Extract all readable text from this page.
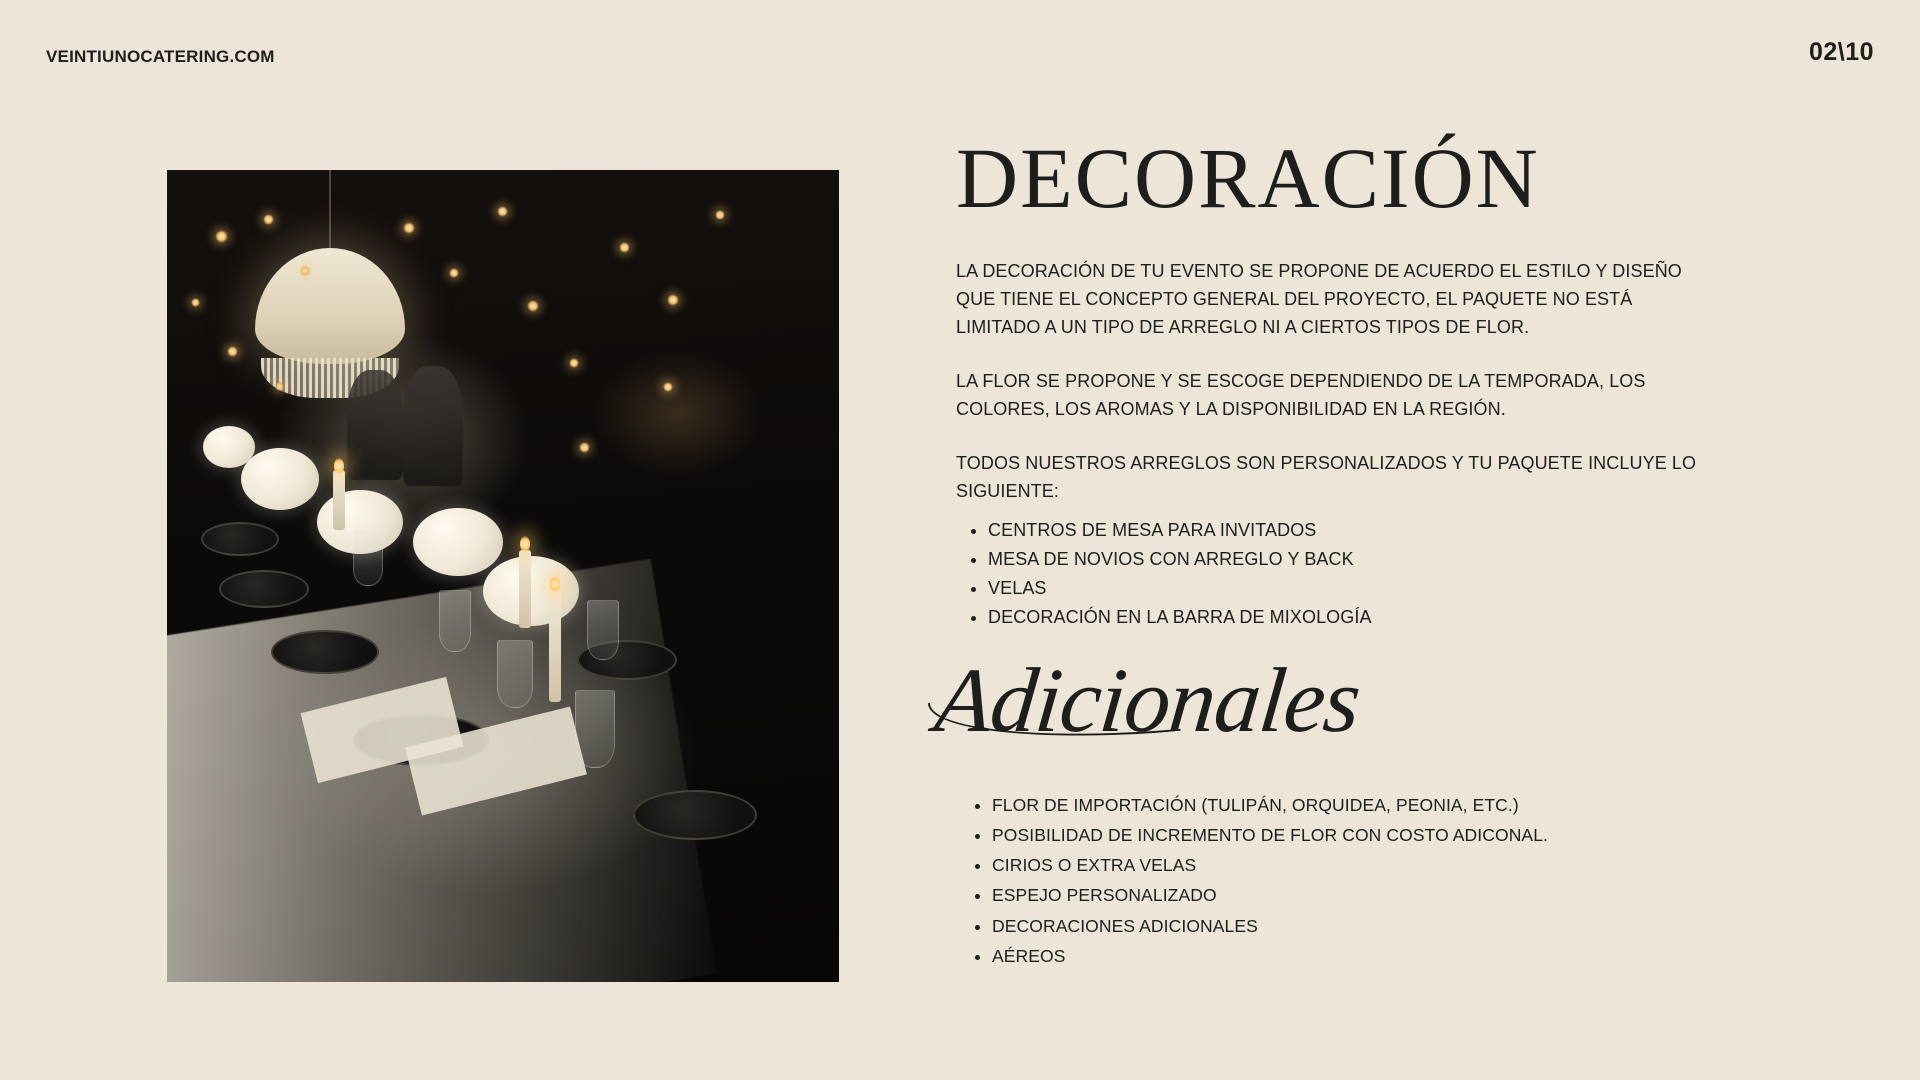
VEINTIUNOCATERING.COM	02\10
DECORACIÓN

LA DECORACIÓN DE TU EVENTO SE PROPONE DE ACUERDO EL ESTILO Y DISEÑO QUE TIENE EL CONCEPTO GENERAL DEL PROYECTO, EL PAQUETE NO ESTÁ LIMITADO A UN TIPO DE ARREGLO NI A CIERTOS TIPOS DE FLOR.

LA FLOR SE PROPONE Y SE ESCOGE DEPENDIENDO DE LA TEMPORADA, LOS COLORES, LOS AROMAS Y LA DISPONIBILIDAD EN LA REGIÓN.

TODOS NUESTROS ARREGLOS SON PERSONALIZADOS Y TU PAQUETE INCLUYE LO SIGUIENTE:

• CENTROS DE MESA PARA INVITADOS
• MESA DE NOVIOS CON ARREGLO Y BACK
• VELAS
• DECORACIÓN EN LA BARRA DE MIXOLOGÍA
Adicionales
• FLOR DE IMPORTACIÓN (TULIPÁN, ORQUIDEA, PEONIA, ETC.)
• POSIBILIDAD DE INCREMENTO DE FLOR CON COSTO ADICONAL.
• CIRIOS O EXTRA VELAS
• ESPEJO PERSONALIZADO
• DECORACIONES ADICIONALES
• AÉREOS
